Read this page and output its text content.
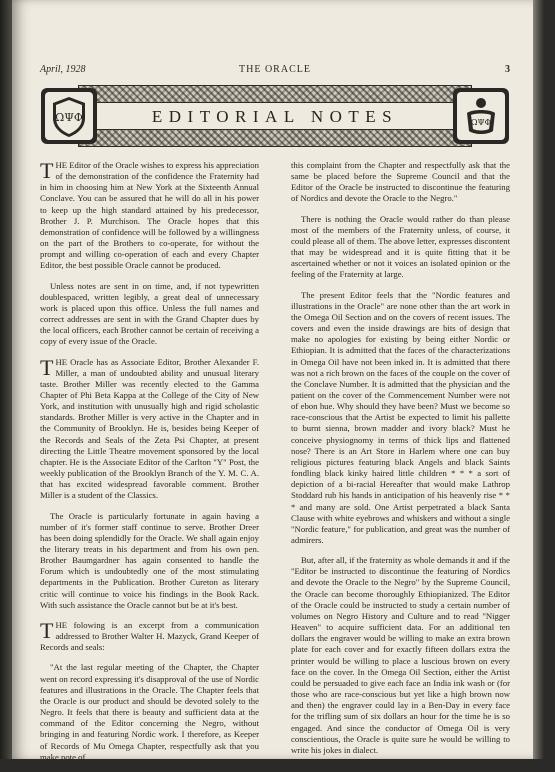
April, 1928	THE ORACLE	3
EDITORIAL NOTES
ΩΨΦ	ΩΨΦ

THE Editor of the Oracle wishes to express his appreciation of the demonstration of the confidence the Fraternity had in him in choosing him at New York at the Sixteenth Annual Conclave. You can be assured that he will do all in his power to keep up the high standard attained by his predecessor, Brother J. P. Murchison. The Oracle hopes that this demonstration of confidence will be followed by a willingness on the part of the Brothers to co-operate, for without the prompt and willing co-operation of each and every Chapter Editor, the best possible Oracle cannot be produced.

Unless notes are sent in on time, and, if not typewritten doublespaced, written legibly, a great deal of unnecessary work is placed upon this office. Unless the full names and correct addresses are sent in with the Grand Chapter dues by the local officers, each Brother cannot be certain of receiving a copy of every issue of the Oracle.

THE Oracle has as Associate Editor, Brother Alexander F. Miller, a man of undoubted ability and unusual literary taste. Brother Miller was recently elected to the Gamma Chapter of Phi Beta Kappa at the College of the City of New York, and institution with unusually high and rigid scholastic standards. Brother Miller is very active in the Chapter and in the Community of Brooklyn. He is, besides being Keeper of the Records and Seals of the Zeta Psi Chapter, at present directing the Little Theatre movement sponsored by the local chapter. He is the Associate Editor of the Carlton "Y" Post, the weekly publication of the Brooklyn Branch of the Y. M. C. A. that has excited widespread favorable comment. Brother Miller is a student of the Classics.

The Oracle is particularly fortunate in again having a number of it's former staff continue to serve. Brother Dreer has been doing splendidly for the Oracle. We shall again enjoy the literary treats in his department and from his own pen. Brother Baumgardner has again consented to handle the Forum which is undoubtedly one of the most stimulating departments in the Publication. Brother Cureton as literary critic will continue to voice his findings in the Book Rack. With such assistance the Oracle cannot but be at it's best.

THE folowing is an excerpt from a communication addressed to Brother Walter H. Mazyck, Grand Keeper of Records and seals:

"At the last regular meeting of the Chapter, the Chapter went on record expressing it's disapproval of the use of Nordic features and illustrations in the Oracle. The Chapter feels that the Oracle is our product and should be devoted solely to the Negro. It feels that there is beauty and sufficient data at the command of the Editor concerning the Negro, without bringing in and featuring Nordic work. I therefore, as Keeper of Records of Mu Omega Chapter, respectfully ask that you make note of

this complaint from the Chapter and respectfully ask that the same be placed before the Supreme Council and that the Editor of the Oracle be instructed to discontinue the featuring of Nordics and devote the Oracle to the Negro."

There is nothing the Oracle would rather do than please most of the members of the Fraternity unless, of course, it could please all of them. The above letter, expresses discontent that may be widespread and it is quite fitting that it be ascertained whether or not it voices an isolated opinion or the feeling of the Fraternity at large.

The present Editor feels that the "Nordic features and illustrations in the Oracle" are none other than the art work in the Omega Oil Section and on the covers of recent issues. The covers and even the inside drawings are bits of design that make no apologies for existing by being either Nordic or Ethiopian. It is admitted that the faces of the characterizations in Omega Oil have not been inked in. It is admitted that there was not a rich brown on the faces of the couple on the cover of the Conclave Number. It is admitted that the physician and the patient on the cover of the Commencement Number were not of ebon hue. Why should they have been? Must we become so race-conscious that the Artist be expected to limit his pallette to burnt sienna, brown madder and ivory black? Must he conceive physiognomy in terms of thick lips and flattened nose? There is an Art Store in Harlem where one can buy religious pictures featuring black Angels and black Saints fondling black kinky haired little children * * * a sort of depiction of a bi-racial Hereafter that would make Lathrop Stoddard rub his hands in anticipation of his heavenly rise * * * and many are sold. One Artist perpetrated a black Santa Clause with white eyebrows and whiskers and without a single "Nordic feature," for publication, and great was the number of admirers.

But, after all, if the fraternity as whole demands it and if the "Editor be instructed to discontinue the featuring of Nordics and devote the Oracle to the Negro" by the Supreme Council, the Oracle can become thoroughly Ethiopianized. The Editor of the Oracle could be instructed to study a certain number of volumes on Negro History and Culture and to read "Nigger Heaven" to acquire sufficient data. For an additional ten dollars the engraver would be willing to make an extra brown plate for each cover and for exactly fifteen dollars extra the printer would be willing to place a luscious brown on every face on the cover. In the Omega Oil Section, either the Artist could be persuaded to give each face an India ink wash or (for those who are race-conscious but yet like a high brown now and then) the engraver could lay in a Ben-Day in every face for the trifling sum of six dollars an hour for the time he is so engaged. And since the conductor of Omega Oil is very conscientious, the Oracle is quite sure he would be willing to write his jokes in dialect.
